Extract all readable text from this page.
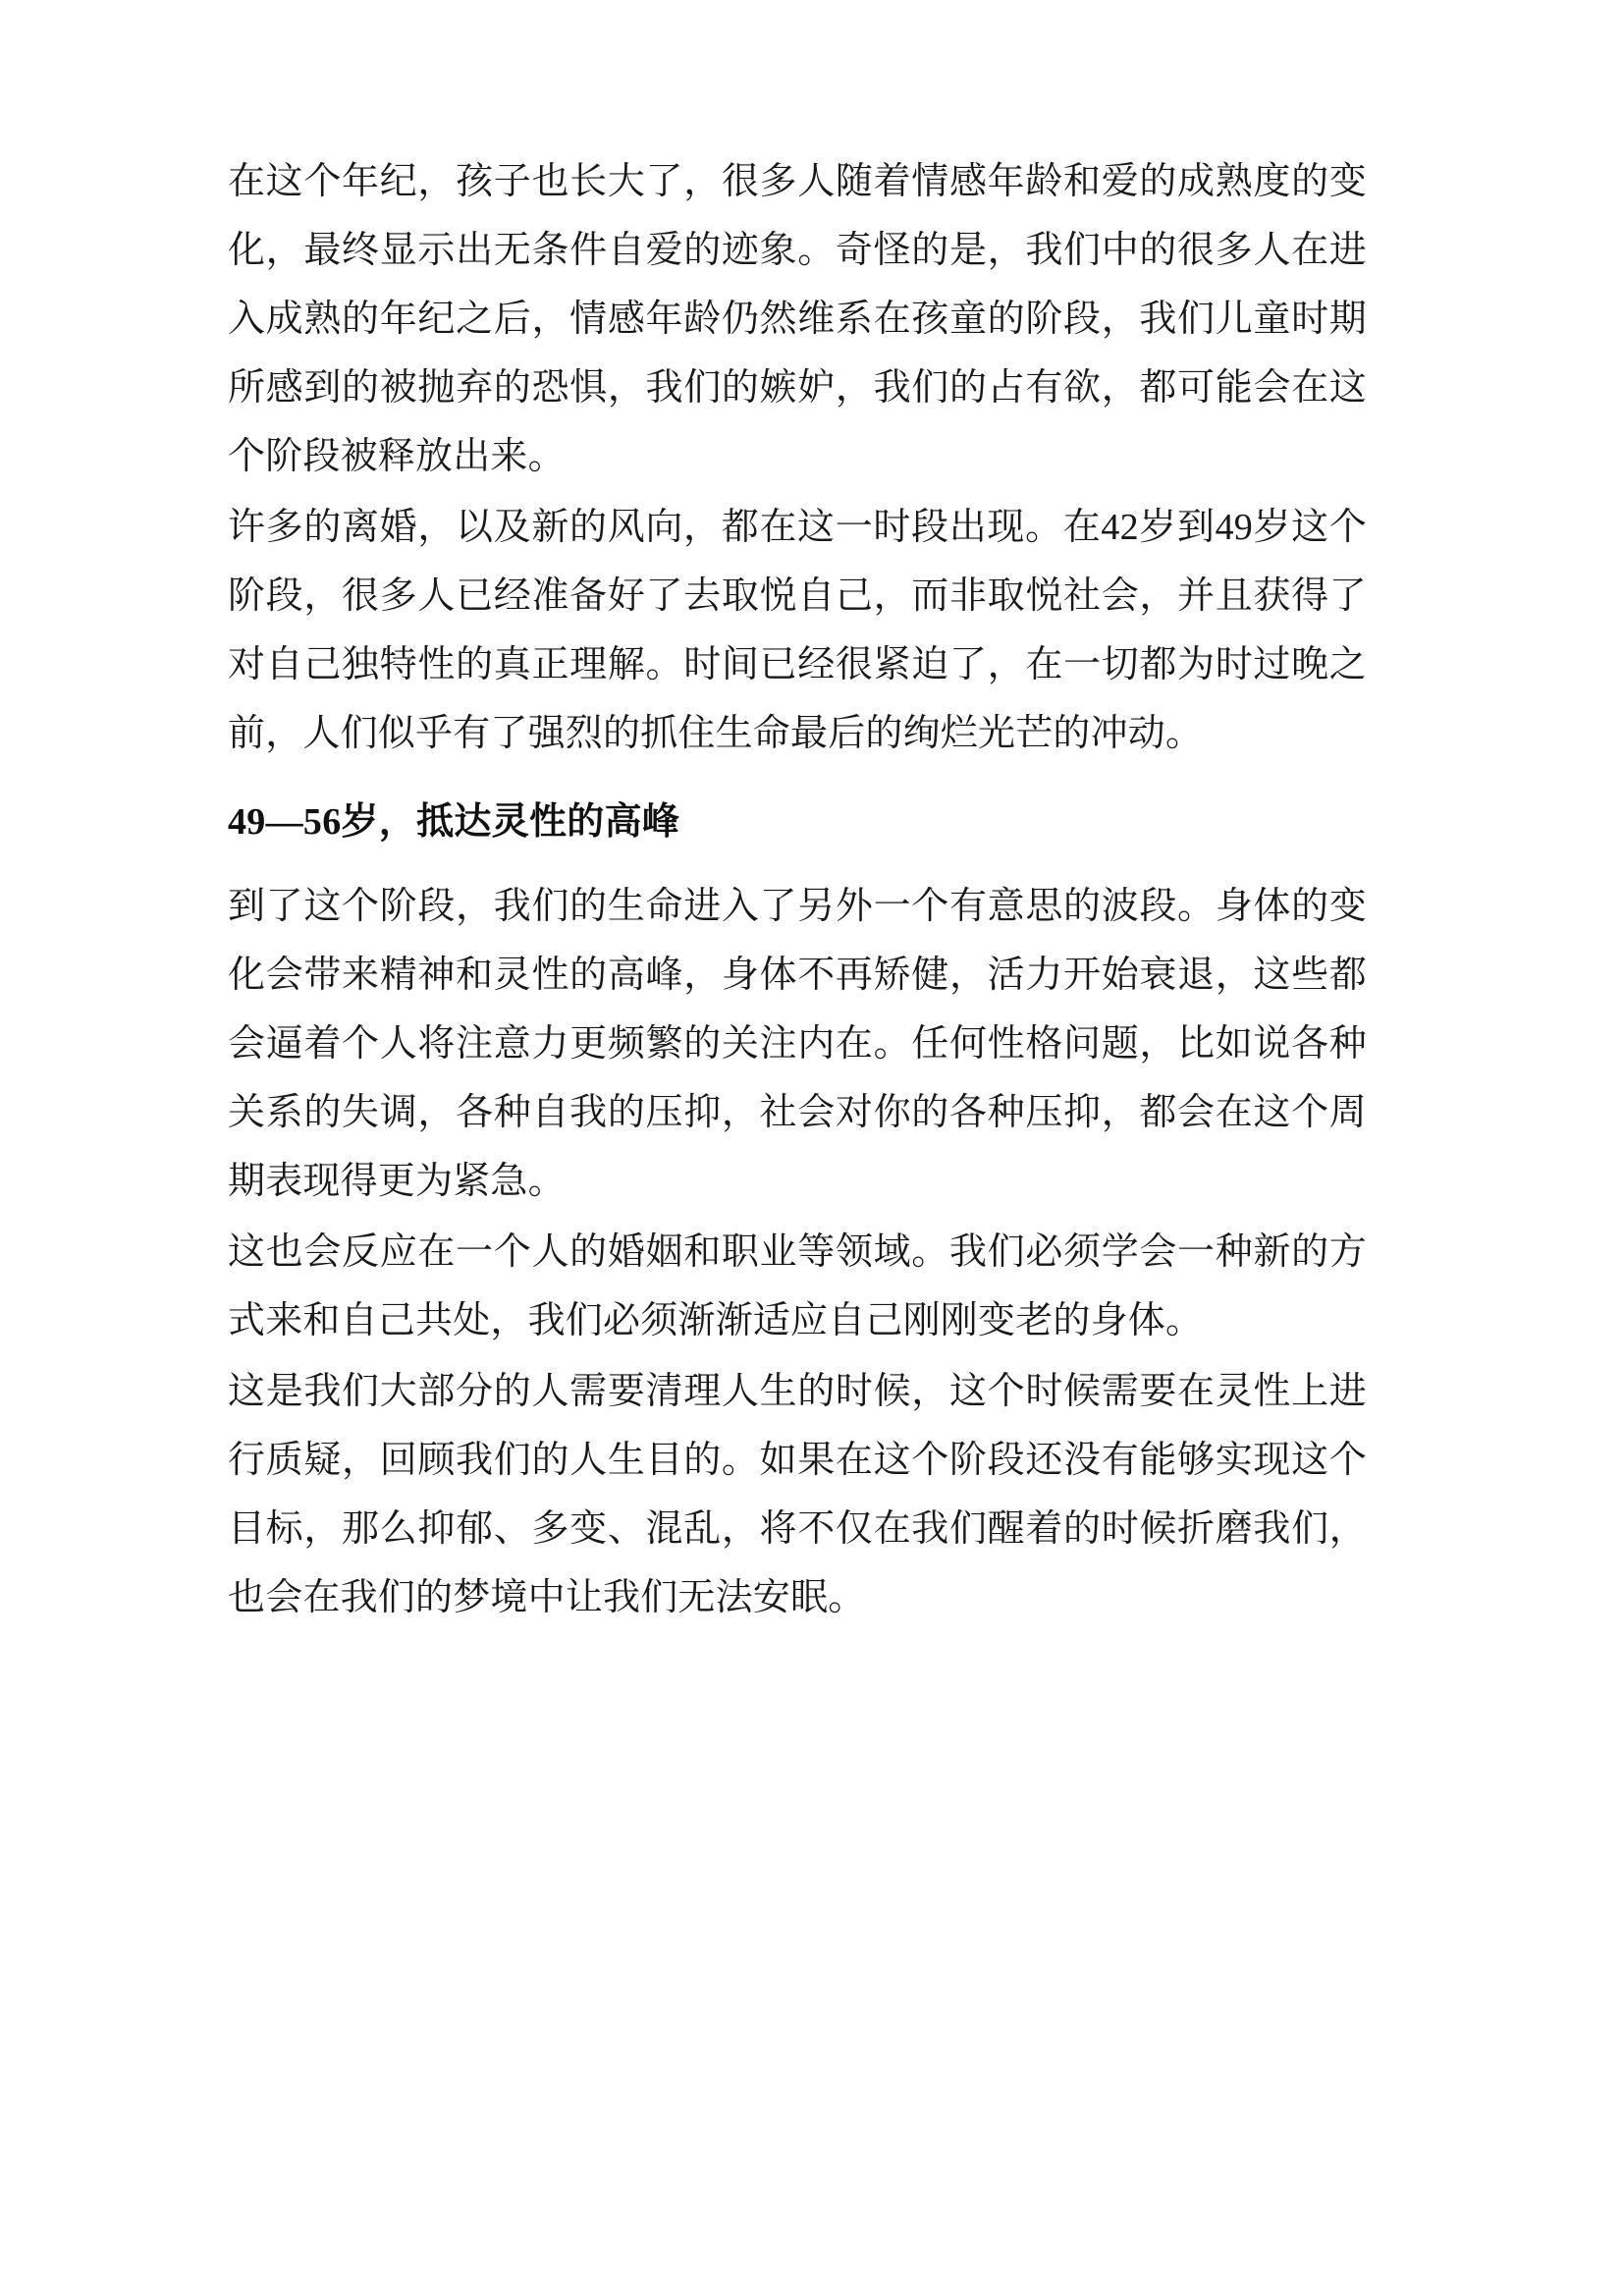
在这个年纪，孩子也长大了，很多人随着情感年龄和爱的成熟度的变化，最终显示出无条件自爱的迹象。奇怪的是，我们中的很多人在进入成熟的年纪之后，情感年龄仍然维系在孩童的阶段，我们儿童时期所感到的被抛弃的恐惧，我们的嫉妒，我们的占有欲，都可能会在这个阶段被释放出来。

许多的离婚，以及新的风向，都在这一时段出现。在42岁到49岁这个阶段，很多人已经准备好了去取悦自己，而非取悦社会，并且获得了对自己独特性的真正理解。时间已经很紧迫了，在一切都为时过晚之前，人们似乎有了强烈的抓住生命最后的绚烂光芒的冲动。

49—56岁，抵达灵性的高峰

到了这个阶段，我们的生命进入了另外一个有意思的波段。身体的变化会带来精神和灵性的高峰，身体不再矫健，活力开始衰退，这些都会逼着个人将注意力更频繁的关注内在。任何性格问题，比如说各种关系的失调，各种自我的压抑，社会对你的各种压抑，都会在这个周期表现得更为紧急。

这也会反应在一个人的婚姻和职业等领域。我们必须学会一种新的方式来和自己共处，我们必须渐渐适应自己刚刚变老的身体。

这是我们大部分的人需要清理人生的时候，这个时候需要在灵性上进行质疑，回顾我们的人生目的。如果在这个阶段还没有能够实现这个目标，那么抑郁、多变、混乱，将不仅在我们醒着的时候折磨我们，也会在我们的梦境中让我们无法安眠。
